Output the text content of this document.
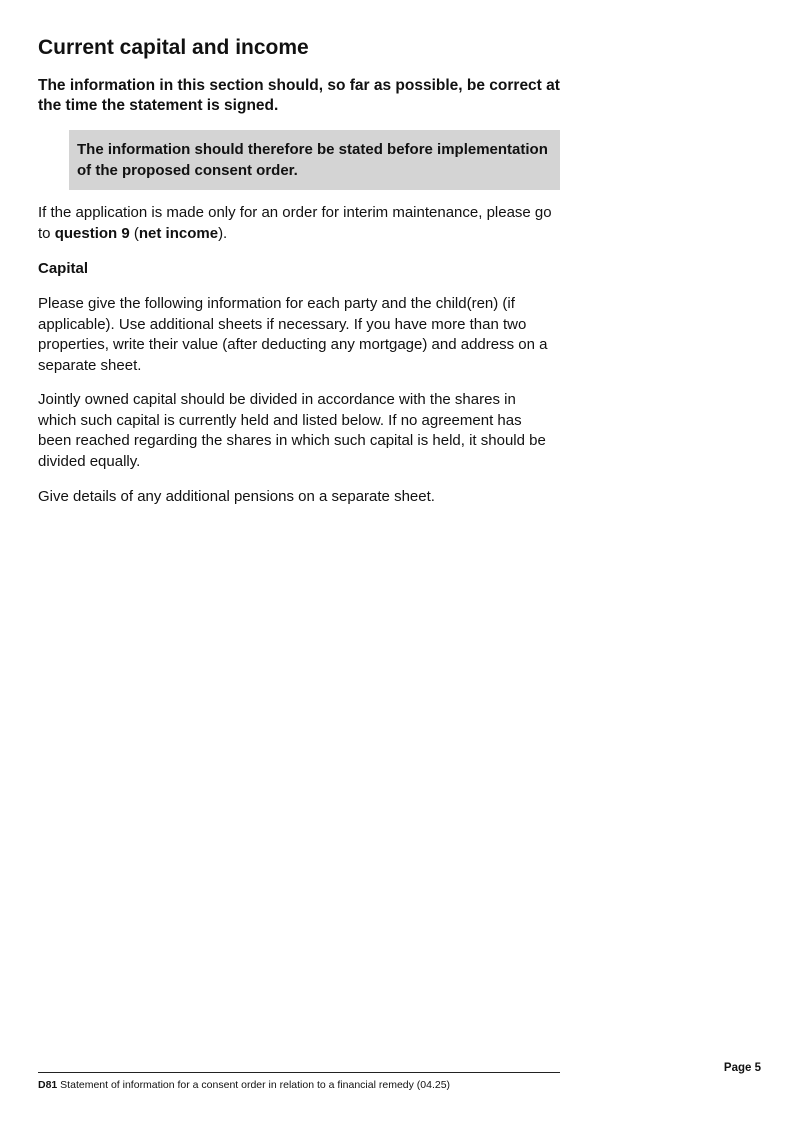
Current capital and income

The information in this section should, so far as possible, be correct at the time the statement is signed.

The information should therefore be stated before implementation of the proposed consent order.

If the application is made only for an order for interim maintenance, please go to question 9 (net income).

Capital

Please give the following information for each party and the child(ren) (if applicable). Use additional sheets if necessary. If you have more than two properties, write their value (after deducting any mortgage) and address on a separate sheet.

Jointly owned capital should be divided in accordance with the shares in which such capital is currently held and listed below. If no agreement has been reached regarding the shares in which such capital is held, it should be divided equally.

Give details of any additional pensions on a separate sheet.

D81 Statement of information for a consent order in relation to a financial remedy (04.25)
Page 5
